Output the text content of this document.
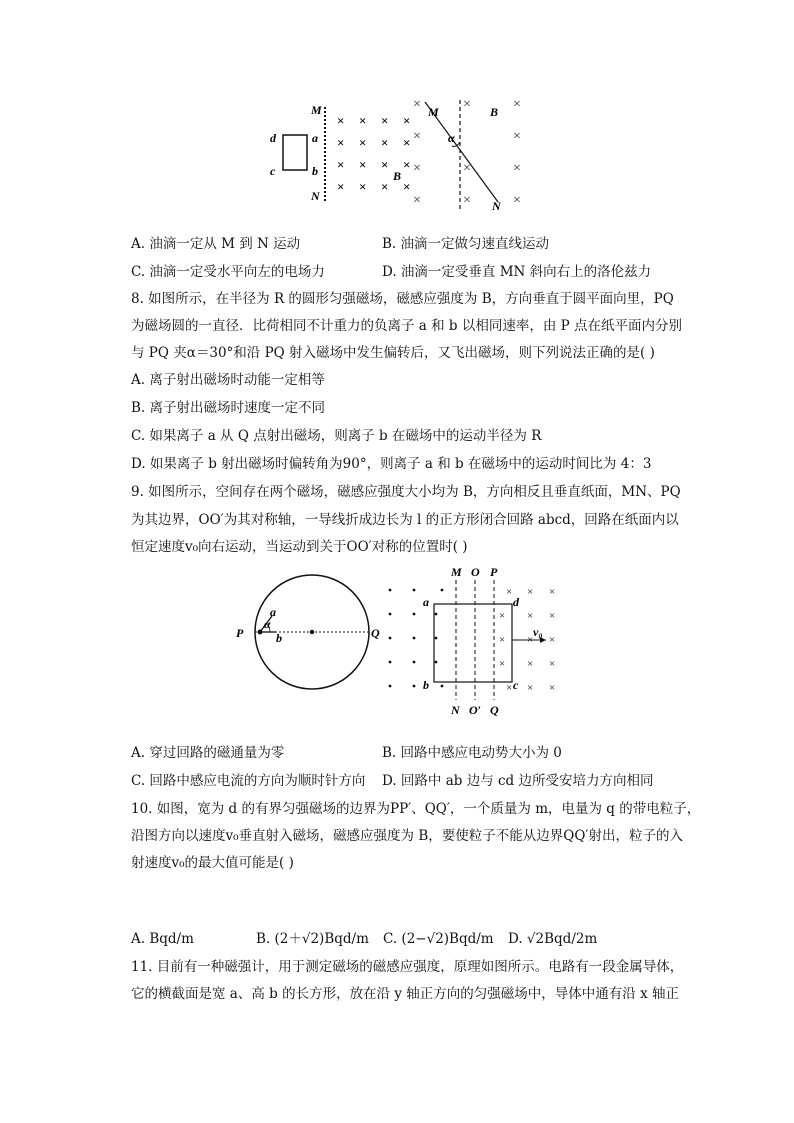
d	a
c	b
M
N
× × × ×
× × × ×
× × × ×
× × × ×
B
×	×	×
×	×
×	×	×
×	×	×
M
N
B
α
A. 油滴一定从 M 到 N 运动	B. 油滴一定做匀速直线运动
C. 油滴一定受水平向左的电场力	D. 油滴一定受垂直 MN 斜向右上的洛伦兹力
8. 如图所示，在半径为 R 的圆形匀强磁场，磁感应强度为 B，方向垂直于圆平面向里，PQ
为磁场圆的一直径．比荷相同不计重力的负离子 a 和 b 以相同速率，由 P 点在纸平面内分别
与 PQ 夹α＝30°和沿 PQ 射入磁场中发生偏转后，又飞出磁场，则下列说法正确的是( )
A. 离子射出磁场时动能一定相等
B. 离子射出磁场时速度一定不同
C. 如果离子 a 从 Q 点射出磁场，则离子 b 在磁场中的运动半径为 R
D. 如果离子 b 射出磁场时偏转角为90°，则离子 a 和 b 在磁场中的运动时间比为 4：3
9. 如图所示，空间存在两个磁场，磁感应强度大小均为 B，方向相反且垂直纸面，MN、PQ
为其边界，OO′为其对称轴，一导线折成边长为 l 的正方形闭合回路 abcd，回路在纸面内以
恒定速度v₀向右运动，当运动到关于OO′对称的位置时( )
P	Q
a
b
α
× × ×
× × ×
× × ×
× × ×
× × ×
M O P
N O′ Q
a
b	c
d
v₀
A. 穿过回路的磁通量为零	B. 回路中感应电动势大小为 0
C. 回路中感应电流的方向为顺时针方向 D. 回路中 ab 边与 cd 边所受安培力方向相同
10. 如图，宽为 d 的有界匀强磁场的边界为PP′、QQ′，一个质量为 m，电量为 q 的带电粒子，
沿图方向以速度v₀垂直射入磁场，磁感应强度为 B，要使粒子不能从边界QQ′射出，粒子的入
射速度v₀的最大值可能是( )
A. Bqd/m	B. (2＋√2)Bqd/m C. (2−√2)Bqd/m D. √2Bqd/2m
11. 目前有一种磁强计，用于测定磁场的磁感应强度，原理如图所示。电路有一段金属导体，
它的横截面是宽 a、高 b 的长方形，放在沿 y 轴正方向的匀强磁场中，导体中通有沿 x 轴正
